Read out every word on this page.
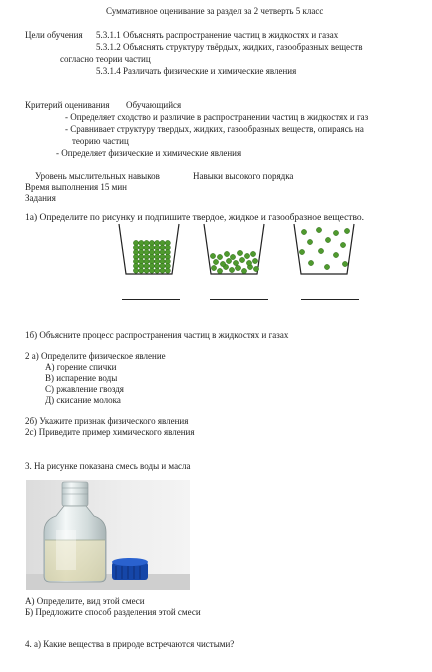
Суммативное оценивание за раздел за 2 четверть 5 класс
Цели обучения 5.3.1.1 Объяснять распространение частиц в жидкостях и газах
5.3.1.2 Объяснять структуру твёрдых, жидких, газообразных веществ
согласно теории частиц
5.3.1.4 Различать физические и химические явления
Критерий оценивания Обучающийся
- Определяет сходство и различие в распространении частиц в жидкостях и газ
- Сравнивает структуру твердых, жидких, газообразных веществ, опираясь на
теорию частиц
- Определяет физические и химические явления
Уровень мыслительных навыков	Навыки высокого порядка
Время выполнения 15 мин
Задания
1а) Определите по рисунку и подпишите твердое, жидкое и газообразное вещество.
1б) Объясните процесс распространения частиц в жидкостях и газах
2 а) Определите физическое явление
А) горение спички
В) испарение воды
С) ржавление гвоздя
Д) скисание молока
2б) Укажите признак физического явления
2с) Приведите пример химического явления
3. На рисунке показана смесь воды и масла
А) Определите, вид этой смеси
Б) Предложите способ разделения этой смеси
4. а) Какие вещества в природе встречаются чистыми?
